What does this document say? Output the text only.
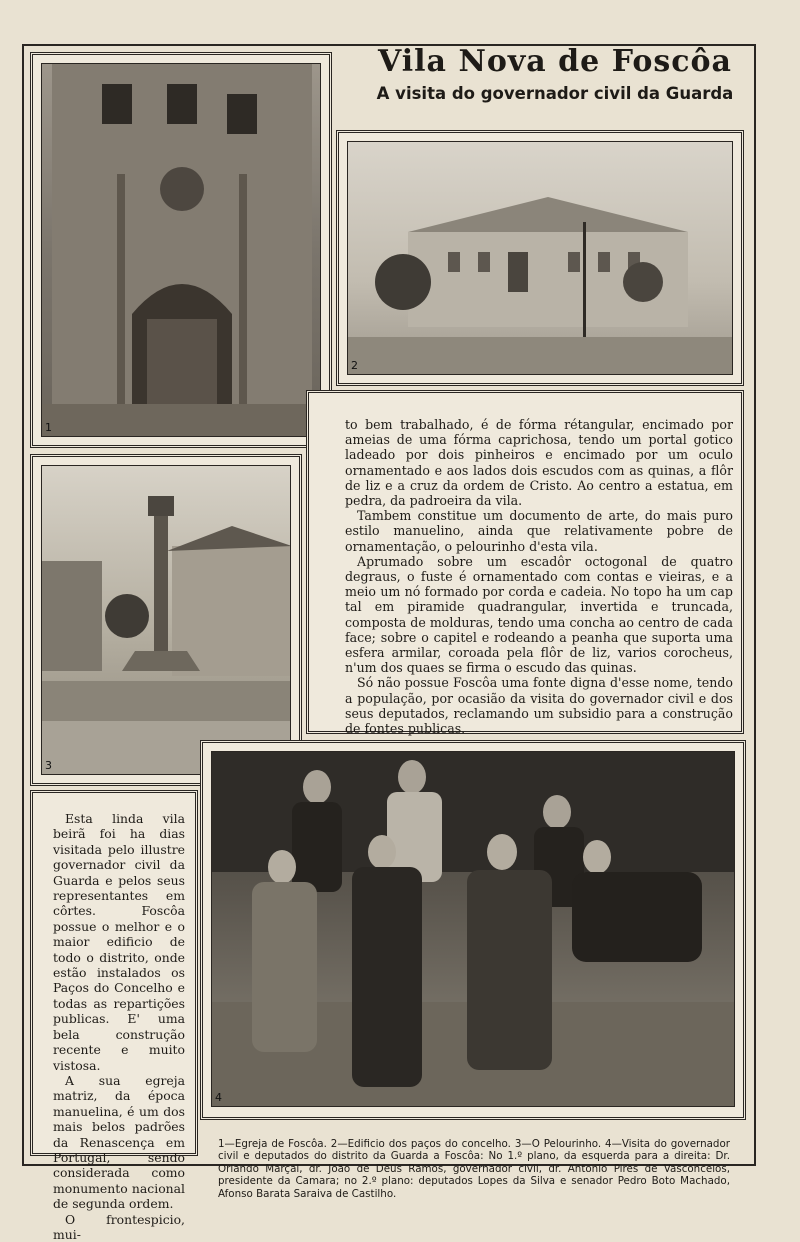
Vila Nova de Foscôa
A visita do governador civil da Guarda
1
2
3

to bem trabalhado, é de fórma rétangular, encimado por ameias de uma fórma caprichosa, tendo um portal gotico ladeado por dois pinheiros e encimado por um oculo ornamentado e aos lados dois escudos com as quinas, a flôr de liz e a cruz da ordem de Cristo. Ao centro a estatua, em pedra, da padroeira da vila.

Tambem constitue um documento de arte, do mais puro estilo manuelino, ainda que relativamente pobre de ornamentação, o pelourinho d'esta vila.

Aprumado sobre um escadôr octogonal de quatro degraus, o fuste é ornamentado com contas e vieiras, e a meio um nó formado por corda e cadeia. No topo ha um cap tal em piramide quadrangular, invertida e truncada, composta de molduras, tendo uma concha ao centro de cada face; sobre o capitel e rodeando a peanha que suporta uma esfera armilar, coroada pela flôr de liz, varios corocheus, n'um dos quaes se firma o escudo das quinas.

Só não possue Foscôa uma fonte digna d'esse nome, tendo a população, por ocasião da visita do governador civil e dos seus deputados, reclamando um subsidio para a construção de fontes publicas.

Esta linda vila beirã foi ha dias visitada pelo illustre governador civil da Guarda e pelos seus representantes em côrtes. Foscôa possue o melhor e o maior edificio de todo o distrito, onde estão instalados os Paços do Concelho e todas as repartições publicas. E' uma bela construção recente e muito vistosa.

A sua egreja matriz, da época manuelina, é um dos mais belos padrões da Renascença em Portugal, sendo considerada como monumento nacional de segunda ordem.

O frontespicio, mui-

4
1—Egreja de Foscôa. 2—Edificio dos paços do concelho. 3—O Pelourinho. 4—Visita do governador civil e deputados do distrito da Guarda a Foscôa: No 1.º plano, da esquerda para a direita: Dr. Orlando Marçal, dr. João de Deus Ramos, governador civil, dr. Antonio Pires de Vasconcelos, presidente da Camara; no 2.º plano: deputados Lopes da Silva e senador Pedro Boto Machado, Afonso Barata Saraiva de Castilho.
